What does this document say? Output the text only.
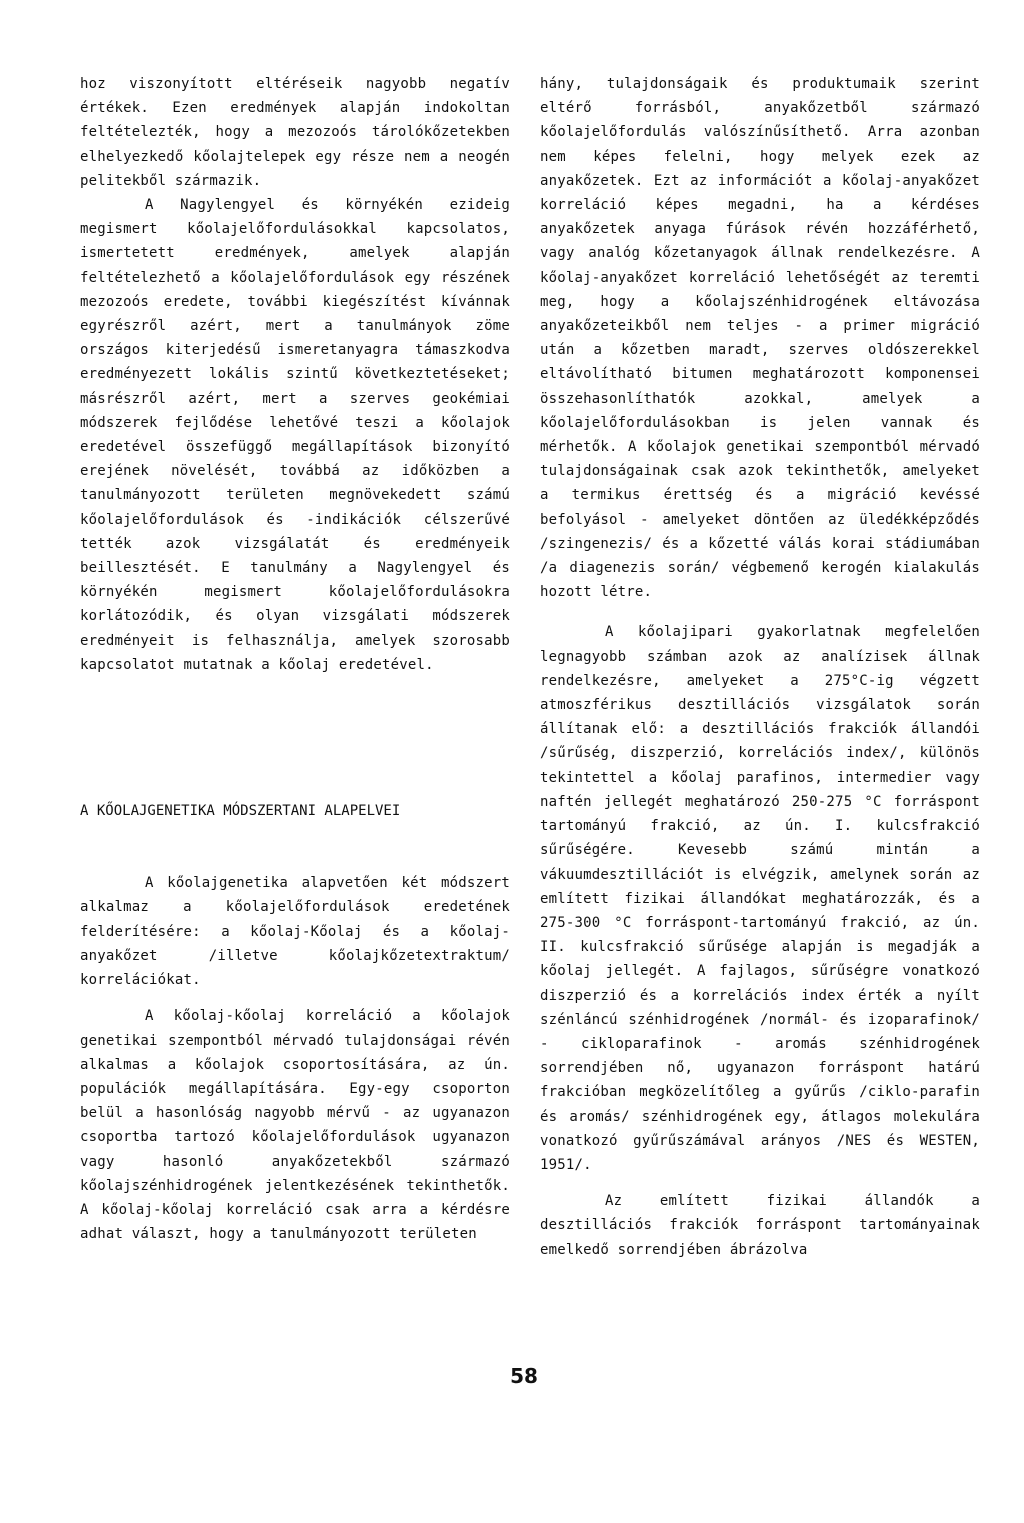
hoz viszonyított eltéréseik nagyobb negatív értékek. Ezen eredmények alapján indokoltan feltételezték, hogy a mezozoós tárolókőzetekben elhelyezkedő kőolajtelepek egy része nem a neogén pelitekből származik.

A Nagylengyel és környékén ezideig megismert kőolajelőfordulásokkal kapcsolatos, ismertetett eredmények, amelyek alapján feltételezhető a kőolajelőfordulások egy részének mezozoós eredete, további kiegészítést kívánnak egyrészről azért, mert a tanulmányok zöme országos kiterjedésű ismeretanyagra támaszkodva eredményezett lokális szintű következtetéseket; másrészről azért, mert a szerves geokémiai módszerek fejlődése lehetővé teszi a kőolajok eredetével összefüggő megállapítások bizonyító erejének növelését, továbbá az időközben a tanulmányozott területen megnövekedett számú kőolajelőfordulások és -indikációk célszerűvé tették azok vizsgálatát és eredményeik beillesztését. E tanulmány a Nagylengyel és környékén megismert kőolajelőfordulásokra korlátozódik, és olyan vizsgálati módszerek eredményeit is felhasználja, amelyek szorosabb kapcsolatot mutatnak a kőolaj eredetével.

A KŐOLAJGENETIKA MÓDSZERTANI ALAPELVEI

A kőolajgenetika alapvetően két módszert alkalmaz a kőolajelőfordulások eredetének felderítésére: a kőolaj-Kőolaj és a kőolaj-anyakőzet /illetve kőolajkőzetextraktum/ korrelációkat.

A kőolaj-kőolaj korreláció a kőolajok genetikai szempontból mérvadó tulajdonságai révén alkalmas a kőolajok csoportosítására, az ún. populációk megállapítására. Egy-egy csoporton belül a hasonlóság nagyobb mérvű - az ugyanazon csoportba tartozó kőolajelőfordulások ugyanazon vagy hasonló anyakőzetekből származó kőolajszénhidrogének jelentkezésének tekinthetők. A kőolaj-kőolaj korreláció csak arra a kérdésre adhat választ, hogy a tanulmányozott területen

hány, tulajdonságaik és produktumaik szerint eltérő forrásból, anyakőzetből származó kőolajelőfordulás valószínűsíthető. Arra azonban nem képes felelni, hogy melyek ezek az anyakőzetek. Ezt az információt a kőolaj-anyakőzet korreláció képes megadni, ha a kérdéses anyakőzetek anyaga fúrások révén hozzáférhető, vagy analóg kőzetanyagok állnak rendelkezésre. A kőolaj-anyakőzet korreláció lehetőségét az teremti meg, hogy a kőolajszénhidrogének eltávozása anyakőzeteikből nem teljes - a primer migráció után a kőzetben maradt, szerves oldószerekkel eltávolítható bitumen meghatározott komponensei összehasonlíthatók azokkal, amelyek a kőolajelőfordulásokban is jelen vannak és mérhetők. A kőolajok genetikai szempontból mérvadó tulajdonságainak csak azok tekinthetők, amelyeket a termikus érettség és a migráció kevéssé befolyásol - amelyeket döntően az üledékképződés /szingenezis/ és a kőzetté válás korai stádiumában /a diagenezis során/ végbemenő kerogén kialakulás hozott létre.

A kőolajipari gyakorlatnak megfelelően legnagyobb számban azok az analízisek állnak rendelkezésre, amelyeket a 275°C-ig végzett atmoszférikus desztillációs vizsgálatok során állítanak elő: a desztillációs frakciók állandói /sűrűség, diszperzió, korrelációs index/, különös tekintettel a kőolaj parafinos, intermedier vagy naftén jellegét meghatározó 250-275 °C forráspont tartományú frakció, az ún. I. kulcsfrakció sűrűségére. Kevesebb számú mintán a vákuumdesztillációt is elvégzik, amelynek során az említett fizikai állandókat meghatározzák, és a 275-300 °C forráspont-tartományú frakció, az ún. II. kulcsfrakció sűrűsége alapján is megadják a kőolaj jellegét. A fajlagos, sűrűségre vonatkozó diszperzió és a korrelációs index érték a nyílt szénláncú szénhidrogének /normál- és izoparafinok/ - cikloparafinok - aromás szénhidrogének sorrendjében nő, ugyanazon forráspont határú frakcióban megközelítőleg a gyűrűs /ciklo-parafin és aromás/ szénhidrogének egy, átlagos molekulára vonatkozó gyűrűszámával arányos /NES és WESTEN, 1951/.

Az említett fizikai állandók a desztillációs frakciók forráspont tartományainak emelkedő sorrendjében ábrázolva

58
